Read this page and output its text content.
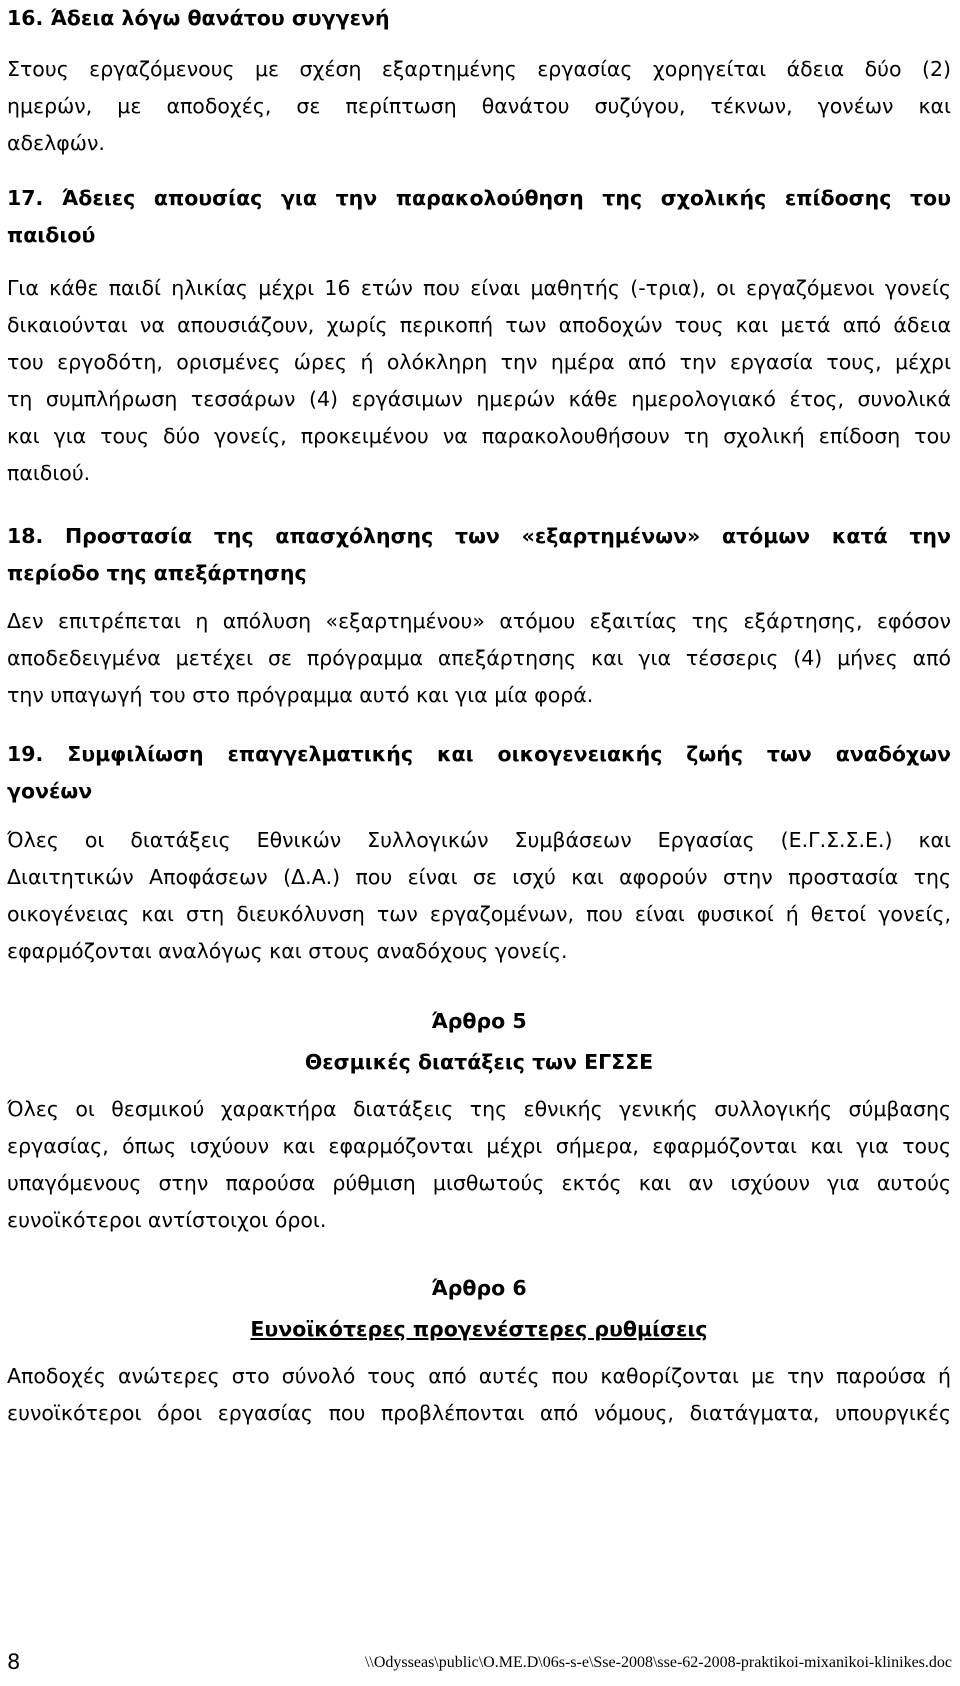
16. Άδεια λόγω θανάτου συγγενή
Στους εργαζόμενους με σχέση εξαρτημένης εργασίας χορηγείται άδεια δύο (2)
ημερών, με αποδοχές, σε περίπτωση θανάτου συζύγου, τέκνων, γονέων και
αδελφών.
17. Άδειες απουσίας για την παρακολούθηση της σχολικής επίδοσης του
παιδιού
Για κάθε παιδί ηλικίας μέχρι 16 ετών που είναι μαθητής (-τρια), οι εργαζόμενοι γονείς
δικαιούνται να απουσιάζουν, χωρίς περικοπή των αποδοχών τους και μετά από άδεια
του εργοδότη, ορισμένες ώρες ή ολόκληρη την ημέρα από την εργασία τους, μέχρι
τη συμπλήρωση τεσσάρων (4) εργάσιμων ημερών κάθε ημερολογιακό έτος, συνολικά
και για τους δύο γονείς, προκειμένου να παρακολουθήσουν τη σχολική επίδοση του
παιδιού.
18. Προστασία της απασχόλησης των «εξαρτημένων» ατόμων κατά την
περίοδο της απεξάρτησης
Δεν επιτρέπεται η απόλυση «εξαρτημένου» ατόμου εξαιτίας της εξάρτησης, εφόσον
αποδεδειγμένα μετέχει σε πρόγραμμα απεξάρτησης και για τέσσερις (4) μήνες από
την υπαγωγή του στο πρόγραμμα αυτό και για μία φορά.
19. Συμφιλίωση επαγγελματικής και οικογενειακής ζωής των αναδόχων
γονέων
Όλες οι διατάξεις Εθνικών Συλλογικών Συμβάσεων Εργασίας (Ε.Γ.Σ.Σ.Ε.) και
Διαιτητικών Αποφάσεων (Δ.Α.) που είναι σε ισχύ και αφορούν στην προστασία της
οικογένειας και στη διευκόλυνση των εργαζομένων, που είναι φυσικοί ή θετοί γονείς,
εφαρμόζονται αναλόγως και στους αναδόχους γονείς.
Άρθρο 5
Θεσμικές διατάξεις των ΕΓΣΣΕ
Όλες οι θεσμικού χαρακτήρα διατάξεις της εθνικής γενικής συλλογικής σύμβασης
εργασίας, όπως ισχύουν και εφαρμόζονται μέχρι σήμερα, εφαρμόζονται και για τους
υπαγόμενους στην παρούσα ρύθμιση μισθωτούς εκτός και αν ισχύουν για αυτούς
ευνοϊκότεροι αντίστοιχοι όροι.
Άρθρο 6
Ευνοϊκότερες προγενέστερες ρυθμίσεις
Αποδοχές ανώτερες στο σύνολό τους από αυτές που καθορίζονται με την παρούσα ή
ευνοϊκότεροι όροι εργασίας που προβλέπονται από νόμους, διατάγματα, υπουργικές
8	\\Odysseas\public\O.ME.D\06s-s-e\Sse-2008\sse-62-2008-praktikoi-mixanikoi-klinikes.doc
